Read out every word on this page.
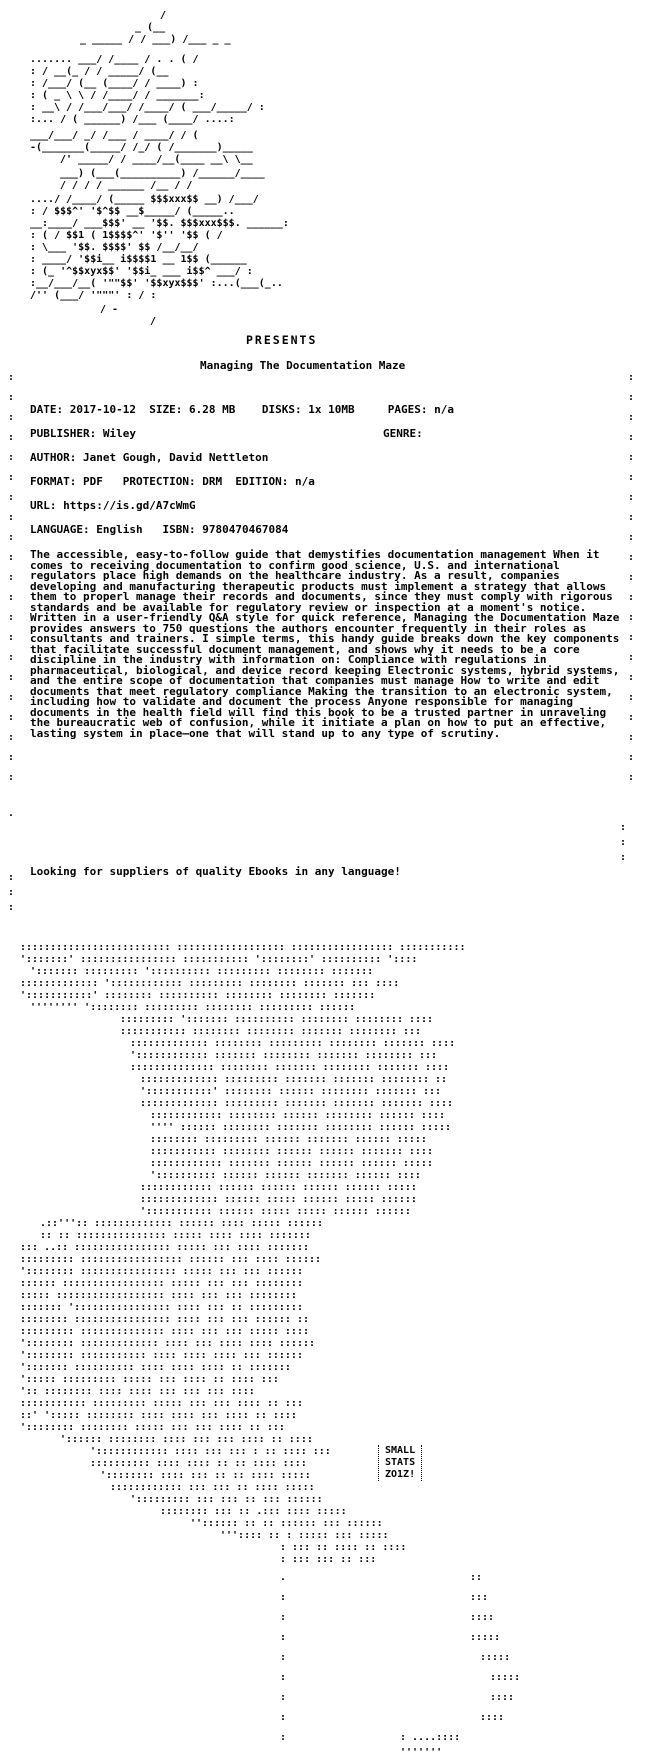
/
_ (__
_ _____ / / ___) /___ _ _
....... ___/ /____ / . . ( /
: / __(_ / / _____/ (__
: /___/ (__ (____/ / ____) :
: ( _ \ \ / /____/ / _______:
: __\ / /___/___/ /____/ ( ___/_____/ :
:... / ( ______) /___ (____/ ....:
___/___/ _/ /___ / ____/ / (
-(_______(_____/ /_/ ( /_______)_____
/' _____/ / ____/__(____ __\ \__
___) (___(__________) /______/____
/ / / / ______ /__ / /
..../ /____/ (_____ $$$xxx$$ __) /___/
: / $$$^' '$^$$ __$_____/ (_____..
__:____/ ___$$$' __ '$$. $$$xxx$$$. ______:
: ( / $$1 ( 1$$$$^' '$'' '$$ ( /
: \___ '$$. $$$$' $$ /__/__/
: ____/ '$$i__ i$$$$1 __ 1$$ (______
: (_ '^$$xyx$$' '$$i_ ___ i$$^ ___/ :
:__/___/__( '""$$' '$$xyx$$$' :...(___(_..
/'' (___/ '"""' : / :
/ -
/
:
:
:
:
:
:
:
:
:
:
:
:
:
:
:
:
:
:
:
:
:
:
:
:
:
:
:
:
:
:
:
:
:
:
:
:
:
:
:
:
:
:
.
:
:
:
:
:
:
::::::::::::::::::::::::: :::::::::::::::::: ::::::::::::::::: :::::::::::
':::::::' :::::::::::::::: ::::::::::: '::::::::' :::::::::: '::::
'::::::: ::::::::: ':::::::::: ::::::::: :::::::: :::::::
::::::::::::: ':::::::::::: ::::::::: :::::::: ::::::: ::: ::::
':::::::::::' :::::::: :::::::::: :::::::: :::::::: :::::::
'''''''' ':::::::: ::::::::: :::::::: ::::::::: ::::::
::::::::: '::::::: :::::::::: :::::::: :::::::: ::::
::::::::::: :::::::: :::::::: ::::::: :::::::: :::
::::::::::::: :::::::: ::::::::: :::::::: ::::::: ::::
':::::::::::: ::::::: :::::::: ::::::: :::::::: :::
:::::::::::::: :::::::: ::::::: :::::::: ::::::: ::::
::::::::::::: ::::::::: ::::::: ::::::: :::::::: ::
':::::::::::' :::::::: :::::: :::::::: ::::::: :::
::::::::::::: ::::::::: ::::::: ::::::: ::::::: ::::
:::::::::::: :::::::: :::::: :::::::: :::::: ::::
'''' :::::: :::::::: ::::::: :::::::: :::::: :::::
:::::::: ::::::::: :::::: ::::::: :::::: :::::
::::::::::: :::::::: :::::: :::::: ::::::: ::::
:::::::::::: ::::::: :::::: :::::: :::::: :::::
':::::::::: :::::: :::::: ::::::: :::::: ::::
:::::::::::: :::::: :::::: :::::: :::::: :::::
::::::::::::: :::::: ::::: :::::: ::::: ::::::
'::::::::::: :::::: ::::: ::::: :::::: ::::::
.::''':: ::::::::::::: :::::: :::: ::::: ::::::
:: :: ::::::::::::::: ::::: :::: :::: :::::::
::: ..:: :::::::::::::::: ::::: ::: :::: :::::::
::::::::: ::::::::::::::::: :::::: ::: :::: ::::::
':::::::: :::::::::::::::: ::::: ::: ::: ::::::
:::::: ::::::::::::::::: ::::: ::: ::: ::::::::
::::: :::::::::::::::::: :::: ::: ::: ::::::::
::::::: ':::::::::::::::: :::: ::: :: :::::::::
:::::::: :::::::::::::::: :::: ::: ::: :::::: ::
::::::::: :::::::::::::: :::: ::: ::: ::::: ::::
':::::::: ::::::::::::: :::: ::: :::: :::: ::::::
':::::::: ::::::::::: :::: :::: :::: ::: ::::::
'::::::: :::::::::: :::: :::: :::: :: :::::::
'::::: ::::::::: ::::: ::: :::: :: :::: :::
':: :::::::: :::: :::: ::: ::: ::: ::::
::::::::::: ::::::::: ::::: ::: ::: :::: :: :::
::' '::::: :::::::: :::: :::: ::: :::: :: ::::
':::::::: :::::::: ::::: ::: ::: :::: :: :::
':::::: :::::::: :::: ::: ::: :::: :: ::::
':::::::::::: :::: ::: ::: : :: :::: :::
:::::::::: :::: :::: :: :: :::: ::::
':::::::: :::: ::: :: :: :::: :::::
:::::::::::: ::: ::: :: :::: :::::
'::::::::: ::: ::: :: ::: ::::::
:::::::: ::: :: .::: :::: :::::
'':::::: :: :: :::::: ::: ::::::
''':::: :: : ::::: ::: :::::
: ::: :: :::: :: ::::
: ::: ::: :: :::
.	::
:	:::
:	::::
:	:::::
:	:::::
:	:::::
:	::::
:	::::
:	: ....::::
'''''''
PRESENTS
Managing The Documentation Maze
DATE: 2017-10-12 SIZE: 6.28 MB DISKS: 1x 10MB	PAGES: n/a
PUBLISHER: Wiley	GENRE:
AUTHOR: Janet Gough, David Nettleton
FORMAT: PDF PROTECTION: DRM EDITION: n/a
URL: https://is.gd/A7cWmG
LANGUAGE: English ISBN: 9780470467084
The accessible, easy-to-follow guide that demystifies documentation management When it comes to receiving documentation to confirm good science, U.S. and international regulators place high demands on the healthcare industry. As a result, companies developing and manufacturing therapeutic products must implement a strategy that allows them to properl manage their records and documents, since they must comply with rigorous standards and be available for regulatory review or inspection at a moment's notice. Written in a user-friendly Q&A style for quick reference, Managing the Documentation Maze provides answers to 750 questions the authors encounter frequently in their roles as consultants and trainers. I simple terms, this handy guide breaks down the key components that facilitate successful document management, and shows why it needs to be a core discipline in the industry with information on: Compliance with regulations in pharmaceutical, biological, and device record keeping Electronic systems, hybrid systems, and the entire scope of documentation that companies must manage How to write and edit documents that meet regulatory compliance Making the transition to an electronic system, including how to validate and document the process Anyone responsible for managing documents in the health field will find this book to be a trusted partner in unraveling the bureaucratic web of confusion, while it initiate a plan on how to put an effective, lasting system in place—one that will stand up to any type of scrutiny.
Looking for suppliers of quality Ebooks in any language!
SMALL
STATS
ZO1Z!
